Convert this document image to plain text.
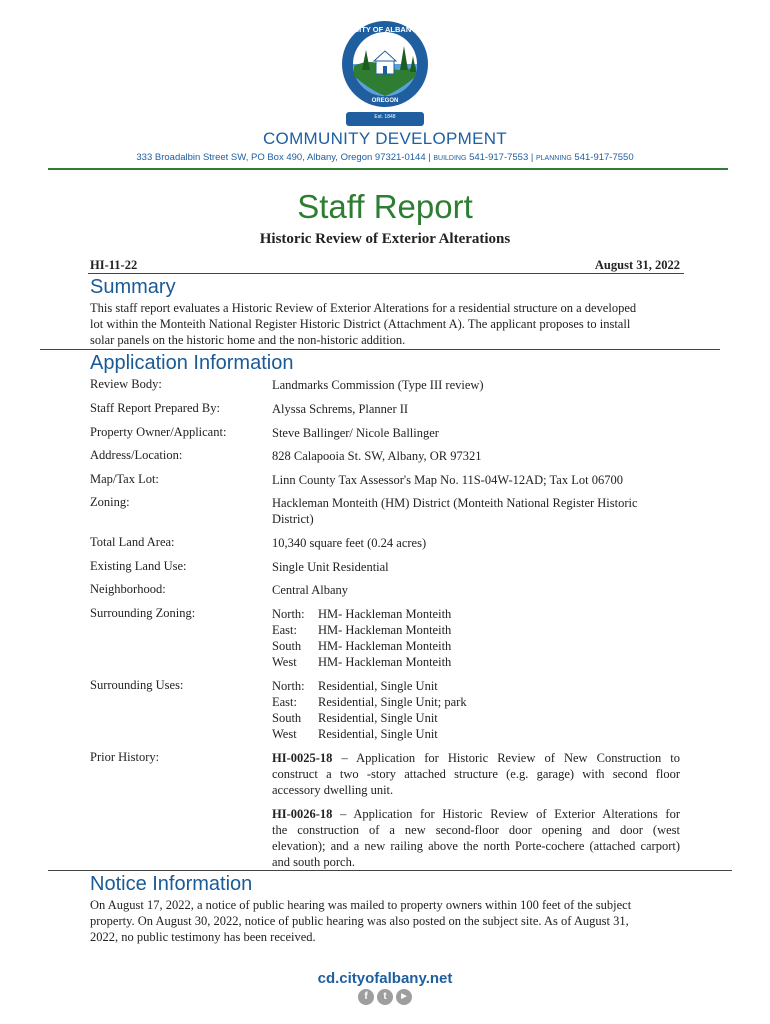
CITY OF ALBANY
OREGON
Est. 1848
COMMUNITY DEVELOPMENT
333 Broadalbin Street SW, PO Box 490, Albany, Oregon 97321-0144 | BUILDING 541-917-7553 | PLANNING 541-917-7550
Staff Report
Historic Review of Exterior Alterations
HI-11-22	August 31, 2022
Summary
This staff report evaluates a Historic Review of Exterior Alterations for a residential structure on a developed
lot within the Monteith National Register Historic District (Attachment A). The applicant proposes to install
solar panels on the historic home and the non-historic addition.
Application Information
Review Body:	Landmarks Commission (Type III review)
Staff Report Prepared By:	Alyssa Schrems, Planner II
Property Owner/Applicant:	Steve Ballinger/ Nicole Ballinger
Address/Location:	828 Calapooia St. SW, Albany, OR 97321
Map/Tax Lot:	Linn County Tax Assessor's Map No. 11S-04W-12AD; Tax Lot 06700
Zoning:	Hackleman Monteith (HM) District (Monteith National Register Historic
District)
Total Land Area:	10,340 square feet (0.24 acres)
Existing Land Use:	Single Unit Residential
Neighborhood:	Central Albany
Surrounding Zoning:	North: HM- Hackleman Monteith
East: HM- Hackleman Monteith
South HM- Hackleman Monteith
West HM- Hackleman Monteith
Surrounding Uses:	North: Residential, Single Unit
East: Residential, Single Unit; park
South Residential, Single Unit
West Residential, Single Unit
Prior History:	HI-0025-18 – Application for Historic Review of New Construction to
construct a two -story attached structure (e.g. garage) with second floor
accessory dwelling unit.
HI-0026-18 – Application for Historic Review of Exterior Alterations for
the construction of a new second-floor door opening and door (west
elevation); and a new railing above the north Porte-cochere (attached carport)
and south porch.
Notice Information
On August 17, 2022, a notice of public hearing was mailed to property owners within 100 feet of the subject
property. On August 30, 2022, notice of public hearing was also posted on the subject site. As of August 31,
2022, no public testimony has been received.
cd.cityofalbany.net
f	t	▶
